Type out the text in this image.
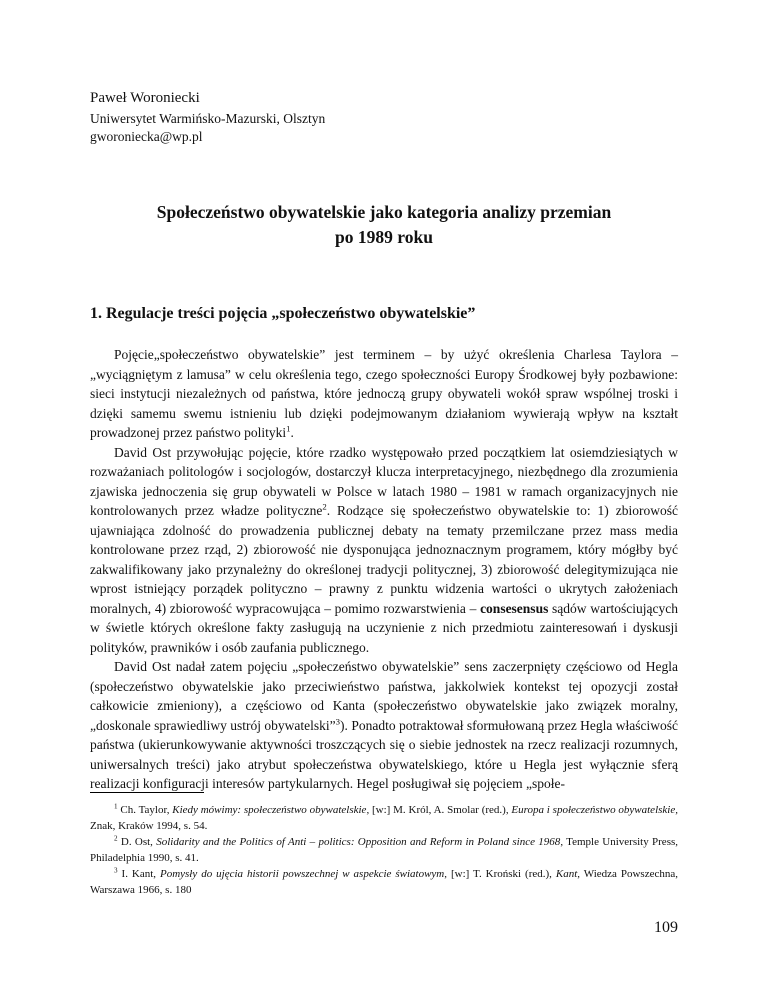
Paweł Woroniecki
Uniwersytet Warmińsko-Mazurski, Olsztyn
gworoniecka@wp.pl
Społeczeństwo obywatelskie jako kategoria analizy przemian
po 1989 roku
1. Regulacje treści pojęcia „społeczeństwo obywatelskie”

Pojęcie„społeczeństwo obywatelskie” jest terminem – by użyć określenia Charlesa Taylora – „wyciągniętym z lamusa” w celu określenia tego, czego społeczności Europy Środkowej były pozbawione: sieci instytucji niezależnych od państwa, które jednoczą grupy obywateli wokół spraw wspólnej troski i dzięki samemu swemu istnieniu lub dzięki podejmowanym działaniom wywierają wpływ na kształt prowadzonej przez państwo polityki$^1$.

David Ost przywołując pojęcie, które rzadko występowało przed początkiem lat osiemdziesiątych w rozważaniach politologów i socjologów, dostarczył klucza interpretacyjnego, niezbędnego dla zrozumienia zjawiska jednoczenia się grup obywateli w Polsce w latach 1980 – 1981 w ramach organizacyjnych nie kontrolowanych przez władze polityczne$^2$. Rodzące się społeczeństwo obywatelskie to: 1) zbiorowość ujawniająca zdolność do prowadzenia publicznej debaty na tematy przemilczane przez mass media kontrolowane przez rząd, 2) zbiorowość nie dysponująca jednoznacznym programem, który mógłby być zakwalifikowany jako przynależny do określonej tradycji politycznej, 3) zbiorowość delegitymizująca nie wprost istniejący porządek polityczno – prawny z punktu widzenia wartości o ukrytych założeniach moralnych, 4) zbiorowość wypracowująca – pomimo rozwarstwienia – consesensus sądów wartościujących w świetle których określone fakty zasługują na uczynienie z nich przedmiotu zainteresowań i dyskusji polityków, prawników i osób zaufania publicznego.

David Ost nadał zatem pojęciu „społeczeństwo obywatelskie” sens zaczerpnięty częściowo od Hegla (społeczeństwo obywatelskie jako przeciwieństwo państwa, jakkolwiek kontekst tej opozycji został całkowicie zmieniony), a częściowo od Kanta (społeczeństwo obywatelskie jako związek moralny, „doskonale sprawiedliwy ustrój obywatelski”$^3$). Ponadto potraktował sformułowaną przez Hegla właściwość państwa (ukierunkowywanie aktywności troszczących się o siebie jednostek na rzecz realizacji rozumnych, uniwersalnych treści) jako atrybut społeczeństwa obywatelskiego, które u Hegla jest wyłącznie sferą realizacji konfiguracji interesów partykularnych. Hegel posługiwał się pojęciem „społe-

$^1$ Ch. Taylor, Kiedy mówimy: społeczeństwo obywatelskie, [w:] M. Król, A. Smolar (red.), Europa i społeczeństwo obywatelskie, Znak, Kraków 1994, s. 54.

$^2$ D. Ost, Solidarity and the Politics of Anti – politics: Opposition and Reform in Poland since 1968, Temple University Press, Philadelphia 1990, s. 41.

$^3$ I. Kant, Pomysły do ujęcia historii powszechnej w aspekcie światowym, [w:] T. Kroński (red.), Kant, Wiedza Powszechna, Warszawa 1966, s. 180

109
